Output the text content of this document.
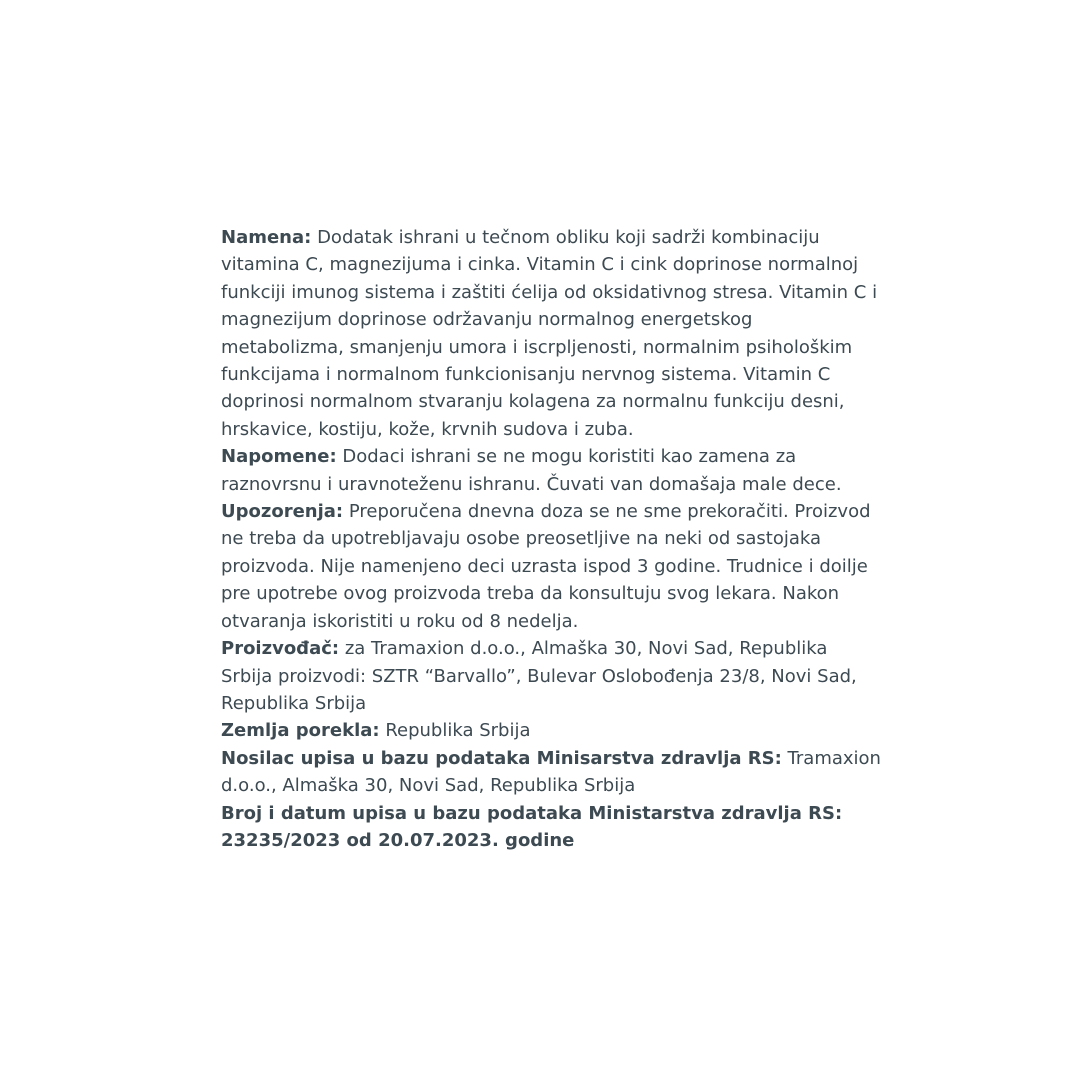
Namena: Dodatak ishrani u tečnom obliku koji sadrži kombinaciju
vitamina C, magnezijuma i cinka. Vitamin C i cink doprinose normalnoj
funkciji imunog sistema i zaštiti ćelija od oksidativnog stresa. Vitamin C i
magnezijum doprinose održavanju normalnog energetskog
metabolizma, smanjenju umora i iscrpljenosti, normalnim psihološkim
funkcijama i normalnom funkcionisanju nervnog sistema. Vitamin C
doprinosi normalnom stvaranju kolagena za normalnu funkciju desni,
hrskavice, kostiju, kože, krvnih sudova i zuba.
Napomene: Dodaci ishrani se ne mogu koristiti kao zamena za
raznovrsnu i uravnoteženu ishranu. Čuvati van domašaja male dece.
Upozorenja: Preporučena dnevna doza se ne sme prekoračiti. Proizvod
ne treba da upotrebljavaju osobe preosetljive na neki od sastojaka
proizvoda. Nije namenjeno deci uzrasta ispod 3 godine. Trudnice i doilje
pre upotrebe ovog proizvoda treba da konsultuju svog lekara. Nakon
otvaranja iskoristiti u roku od 8 nedelja.
Proizvođač: za Tramaxion d.o.o., Almaška 30, Novi Sad, Republika
Srbija proizvodi: SZTR “Barvallo”, Bulevar Oslobođenja 23/8, Novi Sad,
Republika Srbija
Zemlja porekla: Republika Srbija
Nosilac upisa u bazu podataka Minisarstva zdravlja RS: Tramaxion
d.o.o., Almaška 30, Novi Sad, Republika Srbija
Broj i datum upisa u bazu podataka Ministarstva zdravlja RS:
23235/2023 od 20.07.2023. godine
